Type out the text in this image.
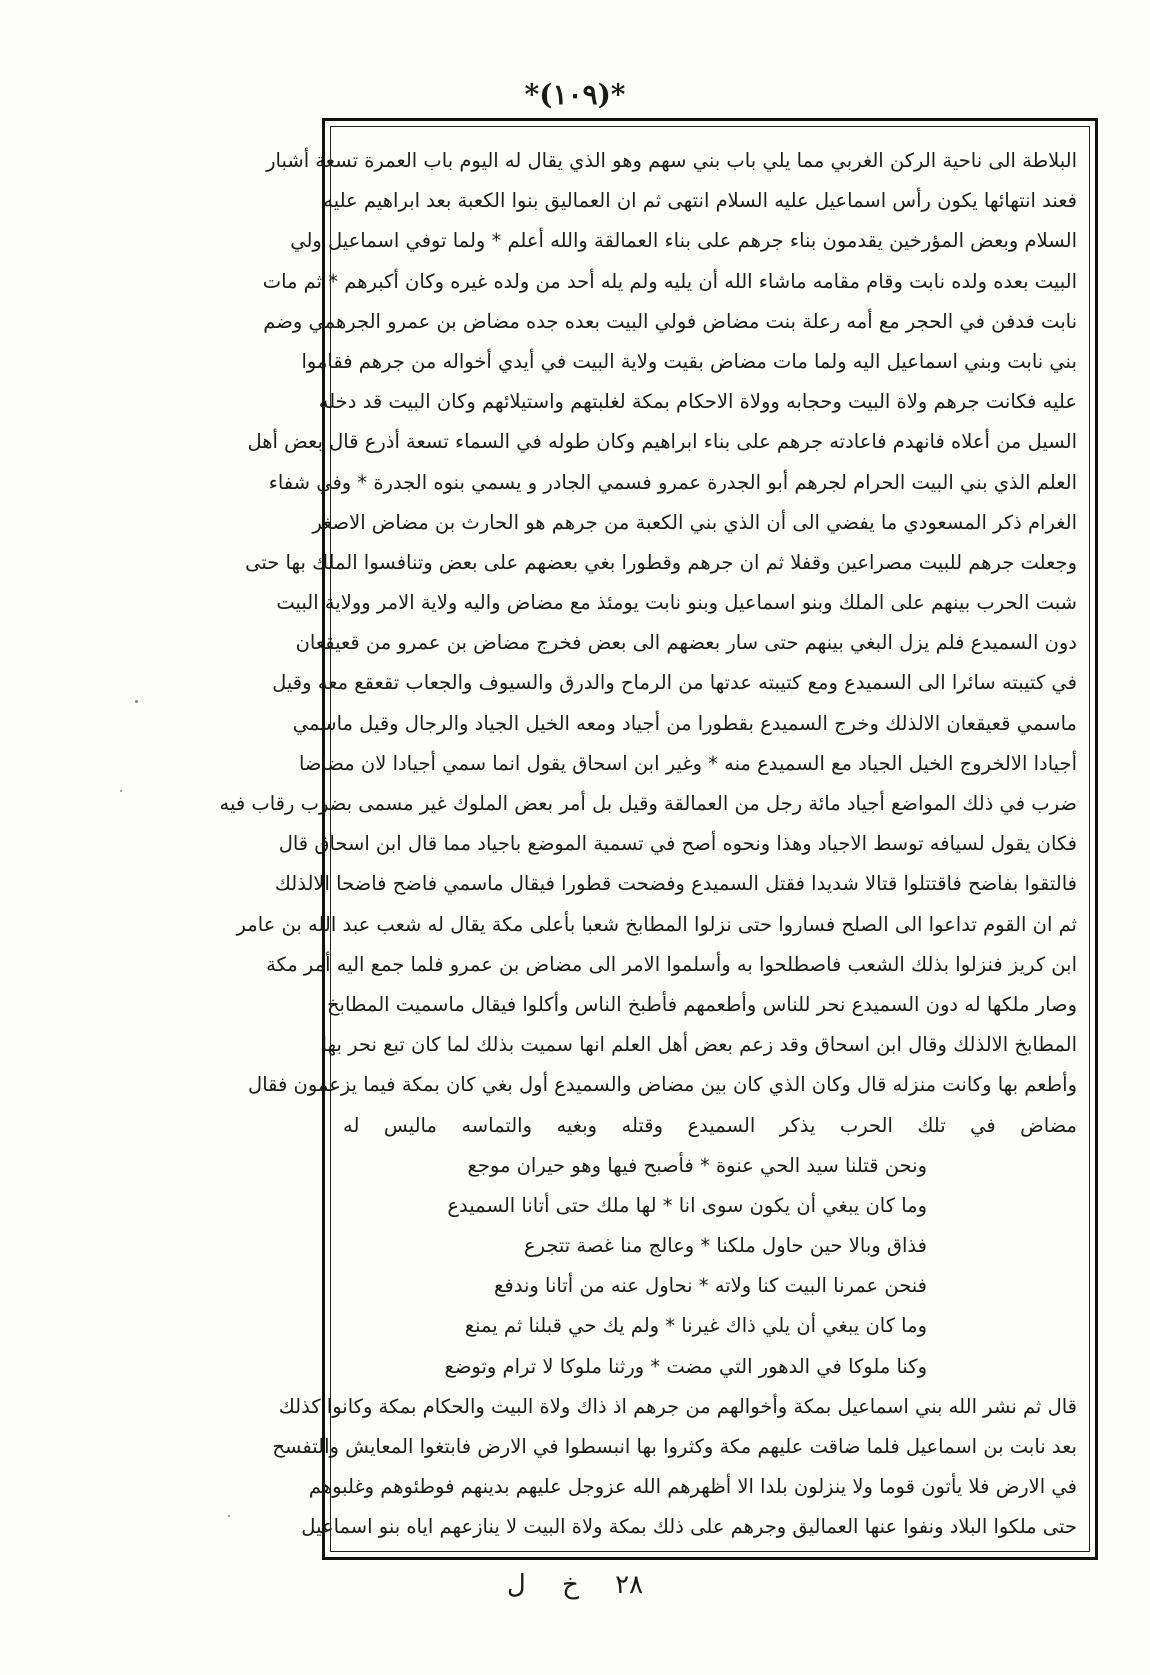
*(١٠٩)*
البلاطة الى ناحية الركن الغربي مما يلي باب بني سهم وهو الذي يقال له اليوم باب العمرة تسعة أشبار
فعند انتهائها يكون رأس اسماعيل عليه السلام انتهى ثم ان العماليق بنوا الكعبة بعد ابراهيم عليه
السلام وبعض المؤرخين يقدمون بناء جرهم على بناء العمالقة والله أعلم * ولما توفي اسماعيل ولي
البيت بعده ولده نابت وقام مقامه ماشاء الله أن يليه ولم يله أحد من ولده غيره وكان أكبرهم * ثم مات
نابت فدفن في الحجر مع أمه رعلة بنت مضاض فولي البيت بعده جده مضاض بن عمرو الجرهمي وضم
بني نابت وبني اسماعيل اليه ولما مات مضاض بقيت ولاية البيت في أيدي أخواله من جرهم فقاموا
عليه فكانت جرهم ولاة البيت وحجابه وولاة الاحكام بمكة لغلبتهم واستيلائهم وكان البيت قد دخله
السيل من أعلاه فانهدم فاعادته جرهم على بناء ابراهيم وكان طوله في السماء تسعة أذرع قال بعض أهل
العلم الذي بني البيت الحرام لجرهم أبو الجدرة عمرو فسمي الجادر و يسمي بنوه الجدرة * وفي شفاء
الغرام ذكر المسعودي ما يفضي الى أن الذي بني الكعبة من جرهم هو الحارث بن مضاض الاصغر
وجعلت جرهم للبيت مصراعين وقفلا ثم ان جرهم وقطورا بغي بعضهم على بعض وتنافسوا الملك بها حتى
شبت الحرب بينهم على الملك وبنو اسماعيل وبنو نابت يومئذ مع مضاض واليه ولاية الامر وولاية البيت
دون السميدع فلم يزل البغي بينهم حتى سار بعضهم الى بعض فخرج مضاض بن عمرو من قعيقعان
في كتيبته سائرا الى السميدع ومع كتيبته عدتها من الرماح والدرق والسيوف والجعاب تقعقع معه وقيل
ماسمي قعيقعان الالذلك وخرج السميدع بقطورا من أجياد ومعه الخيل الجياد والرجال وقيل ماسمي
أجيادا الالخروج الخيل الجياد مع السميدع منه * وغير ابن اسحاق يقول انما سمي أجيادا لان مضاضا
ضرب في ذلك المواضع أجياد مائة رجل من العمالقة وقيل بل أمر بعض الملوك غير مسمى بضرب رقاب فيه
فكان يقول لسيافه توسط الاجياد وهذا ونحوه أصح في تسمية الموضع باجياد مما قال ابن اسحاق قال
فالتقوا بفاضح فاقتتلوا قتالا شديدا فقتل السميدع وفضحت قطورا فيقال ماسمي فاضح فاضحا الالذلك
ثم ان القوم تداعوا الى الصلح فساروا حتى نزلوا المطابخ شعبا بأعلى مكة يقال له شعب عبد الله بن عامر
ابن كريز فنزلوا بذلك الشعب فاصطلحوا به وأسلموا الامر الى مضاض بن عمرو فلما جمع اليه أمر مكة
وصار ملكها له دون السميدع نحر للناس وأطعمهم فأطبخ الناس وأكلوا فيقال ماسميت المطابخ
المطابخ الالذلك وقال ابن اسحاق وقد زعم بعض أهل العلم انها سميت بذلك لما كان تبع نحر بها
وأطعم بها وكانت منزله قال وكان الذي كان بين مضاض والسميدع أول بغي كان بمكة فيما يزعمون فقال
مضاض في تلك الحرب يذكر السميدع وقتله وبغيه والتماسه ماليس له
ونحن قتلنا سيد الحي عنوة * فأصبح فيها وهو حيران موجع
وما كان يبغي أن يكون سوى انا * لها ملك حتى أتانا السميدع
فذاق وبالا حين حاول ملكنا * وعالج منا غصة تتجرع
فنحن عمرنا البيت كنا ولاته * نحاول عنه من أتانا وندفع
وما كان يبغي أن يلي ذاك غيرنا * ولم يك حي قبلنا ثم يمنع
وكنا ملوكا في الدهور التي مضت * ورثنا ملوكا لا ترام وتوضع
قال ثم نشر الله بني اسماعيل بمكة وأخوالهم من جرهم اذ ذاك ولاة البيت والحكام بمكة وكانوا كذلك
بعد نابت بن اسماعيل فلما ضاقت عليهم مكة وكثروا بها انبسطوا في الارض فابتغوا المعايش والتفسح
في الارض فلا يأتون قوما ولا ينزلون بلدا الا أظهرهم الله عزوجل عليهم بدينهم فوطئوهم وغلبوهم
حتى ملكوا البلاد ونفوا عنها العماليق وجرهم على ذلك بمكة ولاة البيت لا ينازعهم اياه بنو اسماعيل
٢٨ خ ل
